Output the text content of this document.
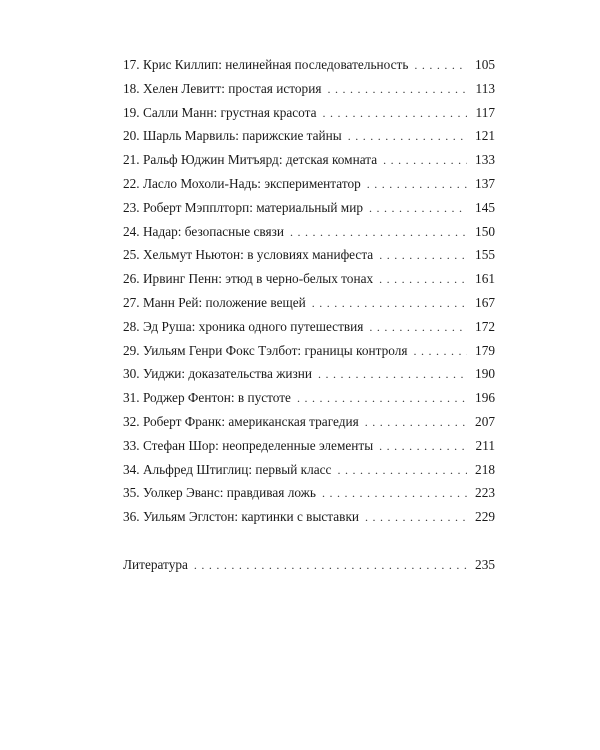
17. Крис Киллип: нелинейная последовательность . . .	105
18. Хелен Левитт: простая история . . .	113
19. Салли Манн: грустная красота . . .	117
20. Шарль Марвиль: парижские тайны . . .	121
21. Ральф Юджин Митъярд: детская комната . . .	133
22. Ласло Мохоли-Надь: экспериментатор . . .	137
23. Роберт Мэпплторп: материальный мир . . .	145
24. Надар: безопасные связи . . .	150
25. Хельмут Ньютон: в условиях манифеста . . .	155
26. Ирвинг Пенн: этюд в черно-белых тонах . . .	161
27. Манн Рей: положение вещей . . .	167
28. Эд Руша: хроника одного путешествия . . .	172
29. Уильям Генри Фокс Тэлбот: границы контроля . . .	179
30. Уиджи: доказательства жизни . . .	190
31. Роджер Фентон: в пустоте . . .	196
32. Роберт Франк: американская трагедия . . .	207
33. Стефан Шор: неопределенные элементы . . .	211
34. Альфред Штиглиц: первый класс . . .	218
35. Уолкер Эванс: правдивая ложь . . .	223
36. Уильям Эглстон: картинки с выставки . . .	229
Литература . . .	235
